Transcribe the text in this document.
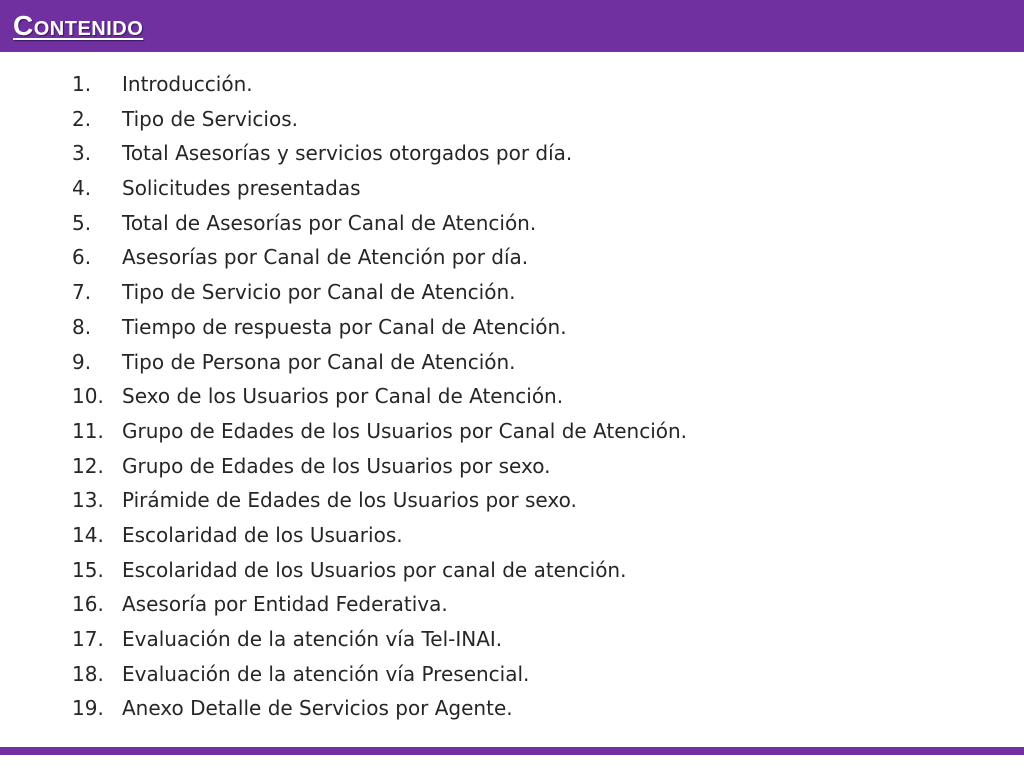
Contenido
1. Introducción.
2. Tipo de Servicios.
3. Total Asesorías y servicios otorgados por día.
4. Solicitudes presentadas
5. Total de Asesorías por Canal de Atención.
6. Asesorías por Canal de Atención por día.
7. Tipo de Servicio por Canal de Atención.
8. Tiempo de respuesta por Canal de Atención.
9. Tipo de Persona por Canal de Atención.
10. Sexo de los Usuarios por Canal de Atención.
11. Grupo de Edades de los Usuarios por Canal de Atención.
12. Grupo de Edades de los Usuarios por sexo.
13. Pirámide de Edades de los Usuarios por sexo.
14. Escolaridad de los Usuarios.
15. Escolaridad de los Usuarios por canal de atención.
16. Asesoría por Entidad Federativa.
17. Evaluación de la atención vía Tel-INAI.
18. Evaluación de la atención vía Presencial.
19. Anexo Detalle de Servicios por Agente.
